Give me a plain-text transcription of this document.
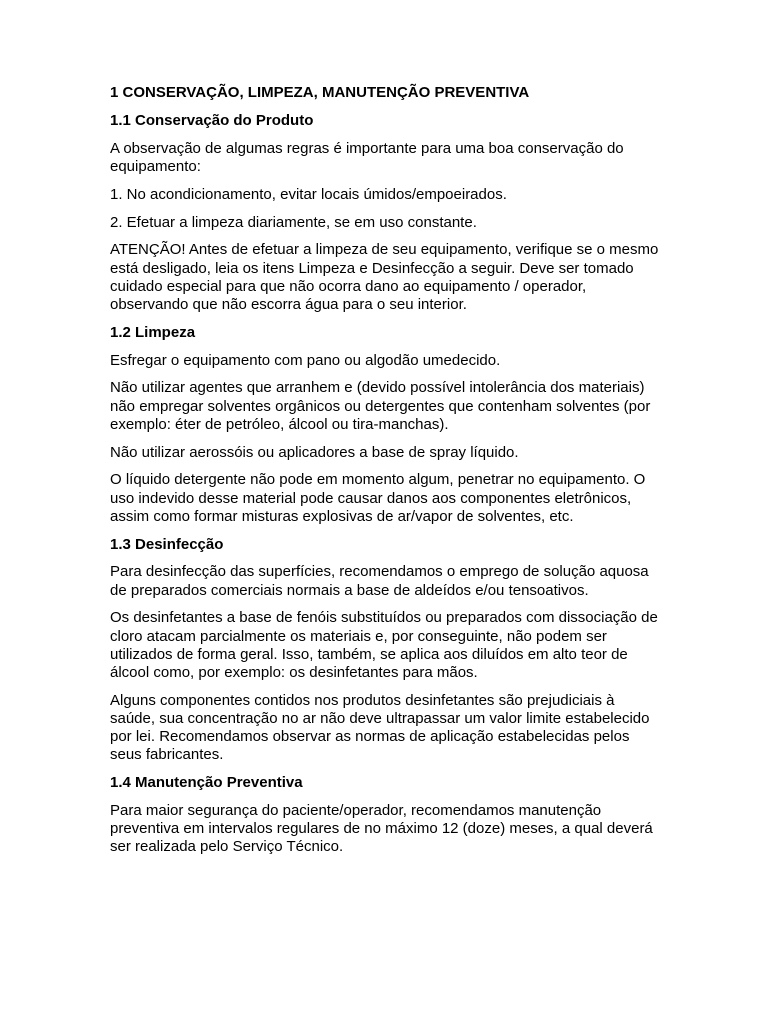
1 CONSERVAÇÃO, LIMPEZA, MANUTENÇÃO PREVENTIVA
1.1 Conservação do Produto

A observação de algumas regras é importante para uma boa conservação do equipamento:

1. No acondicionamento, evitar locais úmidos/empoeirados.

2. Efetuar a limpeza diariamente, se em uso constante.

ATENÇÃO! Antes de efetuar a limpeza de seu equipamento, verifique se o mesmo está desligado, leia os itens Limpeza e Desinfecção a seguir. Deve ser tomado cuidado especial para que não ocorra dano ao equipamento / operador, observando que não escorra água para o seu interior.

1.2 Limpeza

Esfregar o equipamento com pano ou algodão umedecido.

Não utilizar agentes que arranhem e (devido possível intolerância dos materiais) não empregar solventes orgânicos ou detergentes que contenham solventes (por exemplo: éter de petróleo, álcool ou tira-manchas).

Não utilizar aerossóis ou aplicadores a base de spray líquido.

O líquido detergente não pode em momento algum, penetrar no equipamento. O uso indevido desse material pode causar danos aos componentes eletrônicos, assim como formar misturas explosivas de ar/vapor de solventes, etc.

1.3 Desinfecção

Para desinfecção das superfícies, recomendamos o emprego de solução aquosa de preparados comerciais normais a base de aldeídos e/ou tensoativos.

Os desinfetantes a base de fenóis substituídos ou preparados com dissociação de cloro atacam parcialmente os materiais e, por conseguinte, não podem ser utilizados de forma geral. Isso, também, se aplica aos diluídos em alto teor de álcool como, por exemplo: os desinfetantes para mãos.

Alguns componentes contidos nos produtos desinfetantes são prejudiciais à saúde, sua concentração no ar não deve ultrapassar um valor limite estabelecido por lei. Recomendamos observar as normas de aplicação estabelecidas pelos seus fabricantes.

1.4 Manutenção Preventiva

Para maior segurança do paciente/operador, recomendamos manutenção preventiva em intervalos regulares de no máximo 12 (doze) meses, a qual deverá ser realizada pelo Serviço Técnico.
